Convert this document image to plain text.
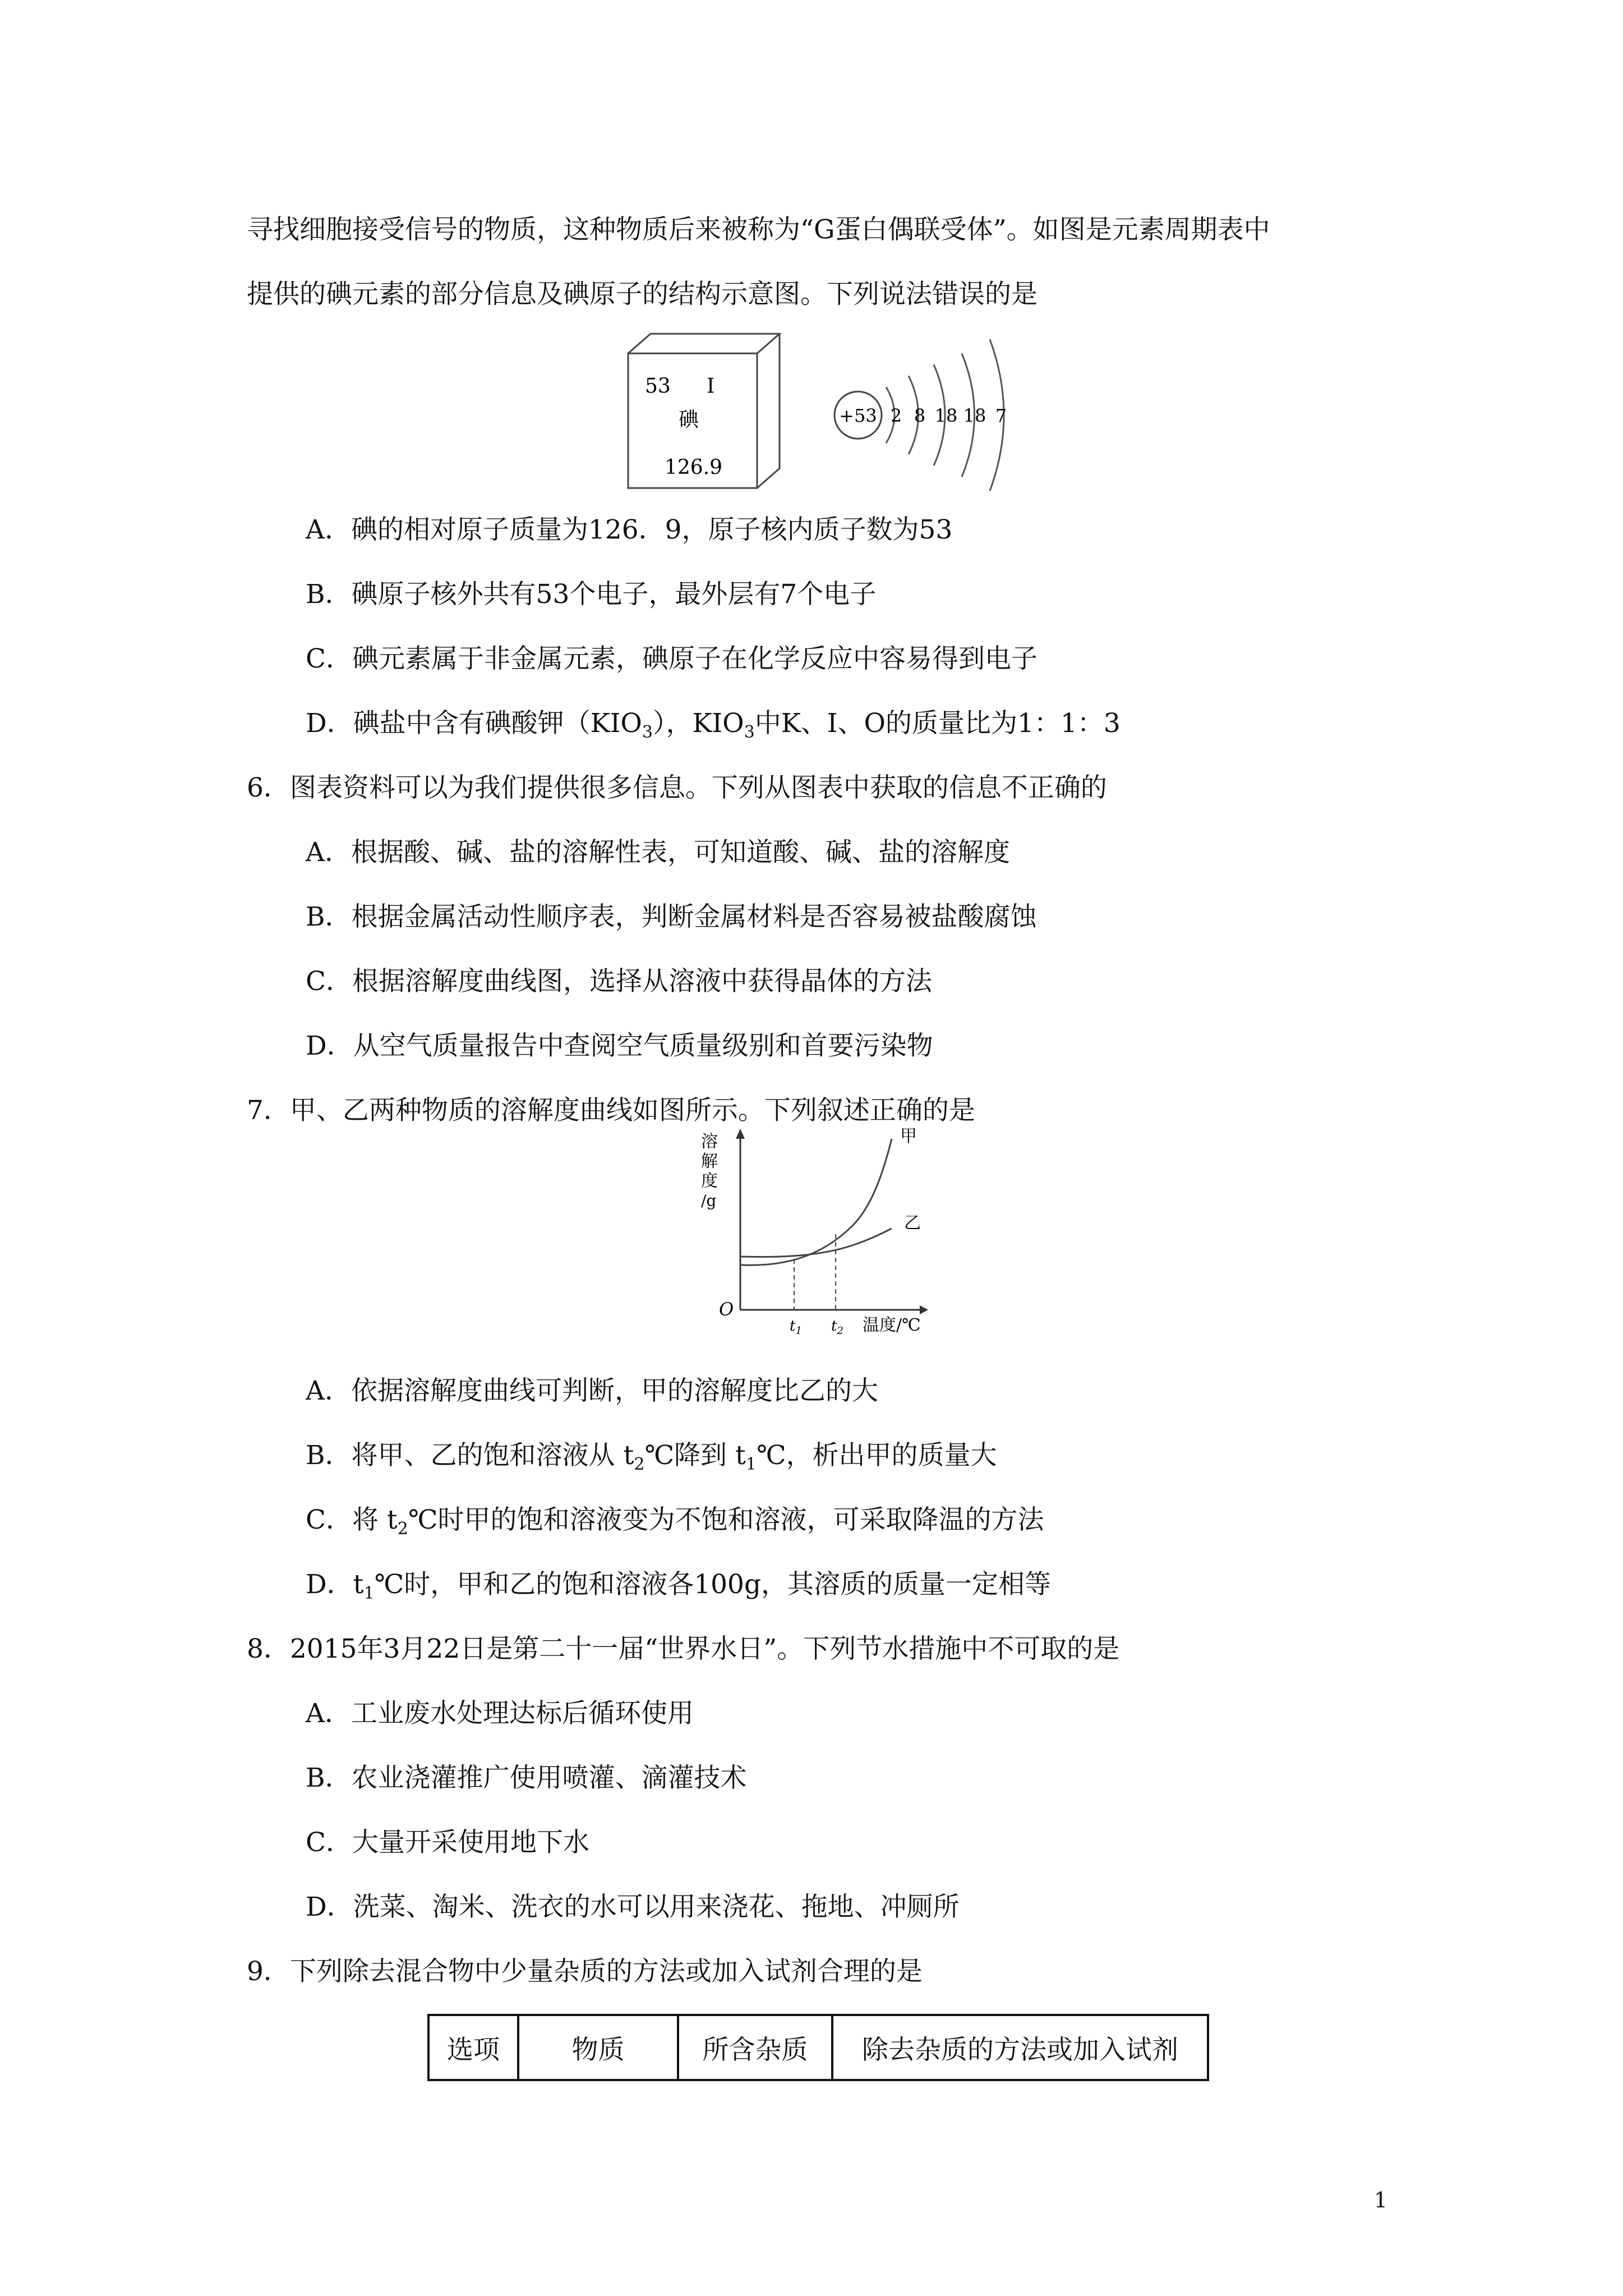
寻找细胞接受信号的物质，这种物质后来被称为“G蛋白偶联受体”。如图是元素周期表中
提供的碘元素的部分信息及碘原子的结构示意图。下列说法错误的是
53 I
碘
126.9
+53 2 8 18 18 7
A．碘的相对原子质量为126．9，原子核内质子数为53
B．碘原子核外共有53个电子，最外层有7个电子
C．碘元素属于非金属元素，碘原子在化学反应中容易得到电子
D．碘盐中含有碘酸钾$(KIO_3)$，$KIO_3$中K、I、O的质量比为1：1：3
6．图表资料可以为我们提供很多信息。下列从图表中获取的信息不正确的
A．根据酸、碱、盐的溶解性表，可知道酸、碱、盐的溶解度
B．根据金属活动性顺序表，判断金属材料是否容易被盐酸腐蚀
C．根据溶解度曲线图，选择从溶液中获得晶体的方法
D．从空气质量报告中查阅空气质量级别和首要污染物
7．甲、乙两种物质的溶解度曲线如图所示。下列叙述正确的是
溶
解
度
/g
O
$t_1$ $t_2$ 温度/℃
甲
乙
A．依据溶解度曲线可判断，甲的溶解度比乙的大
B．将甲、乙的饱和溶液从 $t_2℃$降到 $t_1℃$，析出甲的质量大
C．将 $t_2℃$时甲的饱和溶液变为不饱和溶液，可采取降温的方法
D．$t_1℃$时，甲和乙的饱和溶液各100g，其溶质的质量一定相等
8．2015年3月22日是第二十一届“世界水日”。下列节水措施中不可取的是
A．工业废水处理达标后循环使用
B．农业浇灌推广使用喷灌、滴灌技术
C．大量开采使用地下水
D．洗菜、淘米、洗衣的水可以用来浇花、拖地、冲厕所
9．下列除去混合物中少量杂质的方法或加入试剂合理的是
选项	物质	所含杂质	除去杂质的方法或加入试剂
1
